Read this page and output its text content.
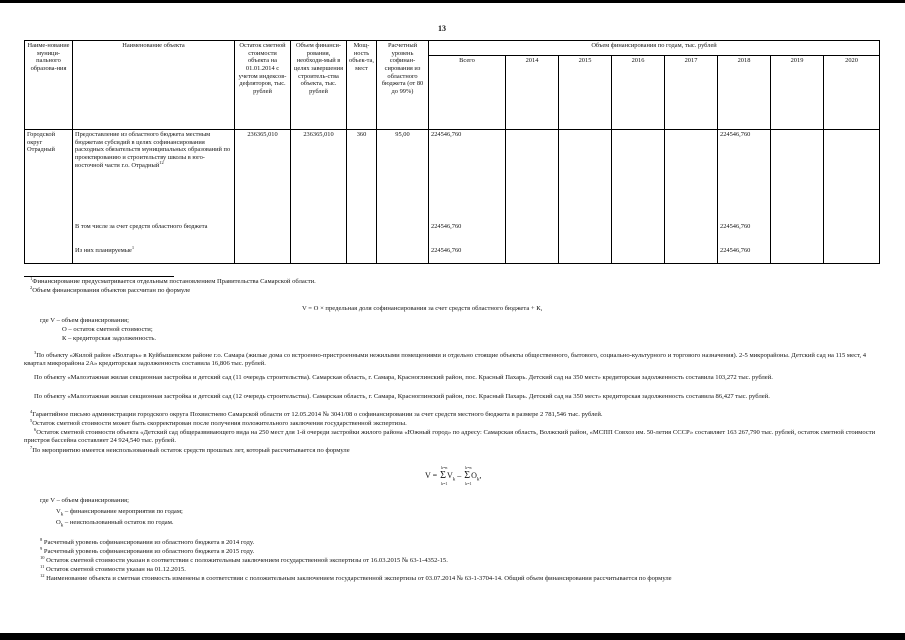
13
Наиме-нование муници-пального образова-ния	Наименование объекта	Остаток сметной стоимости объекта на 01.01.2014 с учетом индексов-дефляторов, тыс. рублей	Объем финанси-рования, необходи-мый в целях завершения строитель-ства объекта, тыс. рублей	Мощ-ность объек-та, мест	Расчетный уровень софинан-сирования из областного бюджета (от 80 до 99%)	Объем финансирования по годам, тыс. рублей							
						Всего	2014	2015	2016	2017	2018	2019	2020
Городской округ Отрадный	Предоставление из областного бюджета местным бюджетам субсидий в целях софинансирования расходных обязательств муниципальных образований по проектированию и строительству школы в юго-восточной части г.о. Отрадный$^{12}$	236365,010	236365,010	360	95,00	224546,760					224546,760		
	В том числе за счет средств областного бюджета					224546,760					224546,760		
	Из них планируемые$^1$					224546,760					224546,760		
$^1$Финансирование предусматривается отдельным постановлением Правительства Самарской области.
$^2$Объем финансирования объектов рассчитан по формуле
V = O × предельная доля софинансирования за счет средств областного бюджета + К,
где V – объем финансирования;
О – остаток сметной стоимости;
К – кредиторская задолженность.
$^3$По объекту «Жилой район «Волгарь» в Куйбышевском районе г.о. Самара (жилые дома со встроенно-пристроенными нежилыми помещениями и отдельно стоящие объекты общественного, бытового, социально-культурного и торгового назначения). 2-5 микрорайоны. Детский сад на 115 мест, 4 квартал микрорайона 2А» кредиторская задолженность составила 16,806 тыс. рублей.
По объекту «Малоэтажная жилая секционная застройка и детский сад (11 очередь строительства). Самарская область, г. Самара, Красноглинский район, пос. Красный Пахарь. Детский сад на 350 мест» кредиторская задолженность составила 103,272 тыс. рублей.
По объекту «Малоэтажная жилая секционная застройка и детский сад (12 очередь строительства). Самарская область, г. Самара, Красноглинский район, пос. Красный Пахарь. Детский сад на 350 мест» кредиторская задолженность составила 86,427 тыс. рублей.
$^4$Гарантийное письмо администрации городского округа Похвистнево Самарской области от 12.05.2014 № 3041/08 о софинансировании за счет средств местного бюджета в размере 2 781,546 тыс. рублей.
$^5$Остаток сметной стоимости может быть скорректирован после получения положительного заключения государственной экспертизы.
$^6$Остаток сметной стоимости объекта «Детский сад общеразвивающего вида на 250 мест для 1-й очереди застройки жилого района «Южный город» по адресу: Самарская область, Волжский район, «МСПП Совхоз им. 50-летия СССР» составляет 163 267,790 тыс. рублей, остаток сметной стоимости пристроя бассейна составляет 24 924,540 тыс. рублей.
$^7$По мероприятию имеется неиспользованный остаток средств прошлых лет, который рассчитывается по формуле
V = Σ
k=n
k=1
$V_k$ – Σ
k=n
k=1
$O_k$,
где V – объем финансирования;
$V_k$ – финансирование мероприятия по годам;
$O_k$ – неиспользованный остаток по годам.
$^8$ Расчетный уровень софинансирования из областного бюджета в 2014 году.
$^9$ Расчетный уровень софинансирования из областного бюджета в 2015 году.
$^{10}$ Остаток сметной стоимости указан в соответствии с положительным заключением государственной экспертизы от 16.03.2015 № 63-1-4352-15.
$^{11}$ Остаток сметной стоимости указан на 01.12.2015.
$^{12}$ Наименование объекта и сметная стоимость изменены в соответствии с положительным заключением государственной экспертизы от 03.07.2014 № 63-1-3704-14. Общий объем финансирования рассчитывается по формуле
